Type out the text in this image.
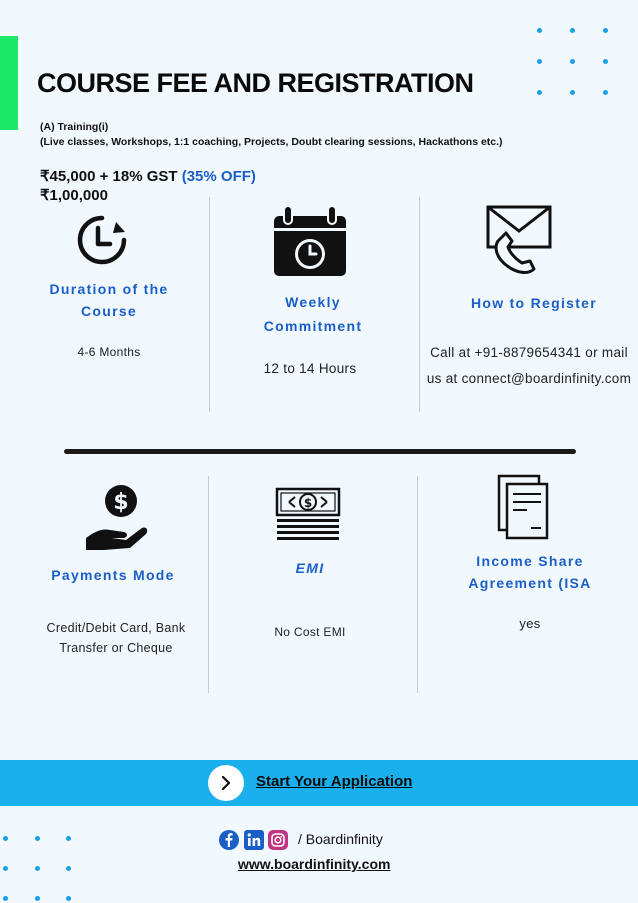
COURSE FEE AND REGISTRATION
(A) Training(i)
(Live classes, Workshops, 1:1 coaching, Projects, Doubt clearing sessions, Hackathons etc.)
₹45,000 + 18% GST (35% OFF)
₹1,00,000
Duration of the Course
4-6 Months
Weekly Commitment
12 to 14 Hours
How to Register
Call at +91-8879654341 or mail us at connect@boardinfinity.com
$	$
Payments Mode
Credit/Debit Card, Bank Transfer or Cheque
EMI
No Cost EMI
Income Share Agreement (ISA
yes
Start Your Application
/ Boardinfinity
www.boardinfinity.com
